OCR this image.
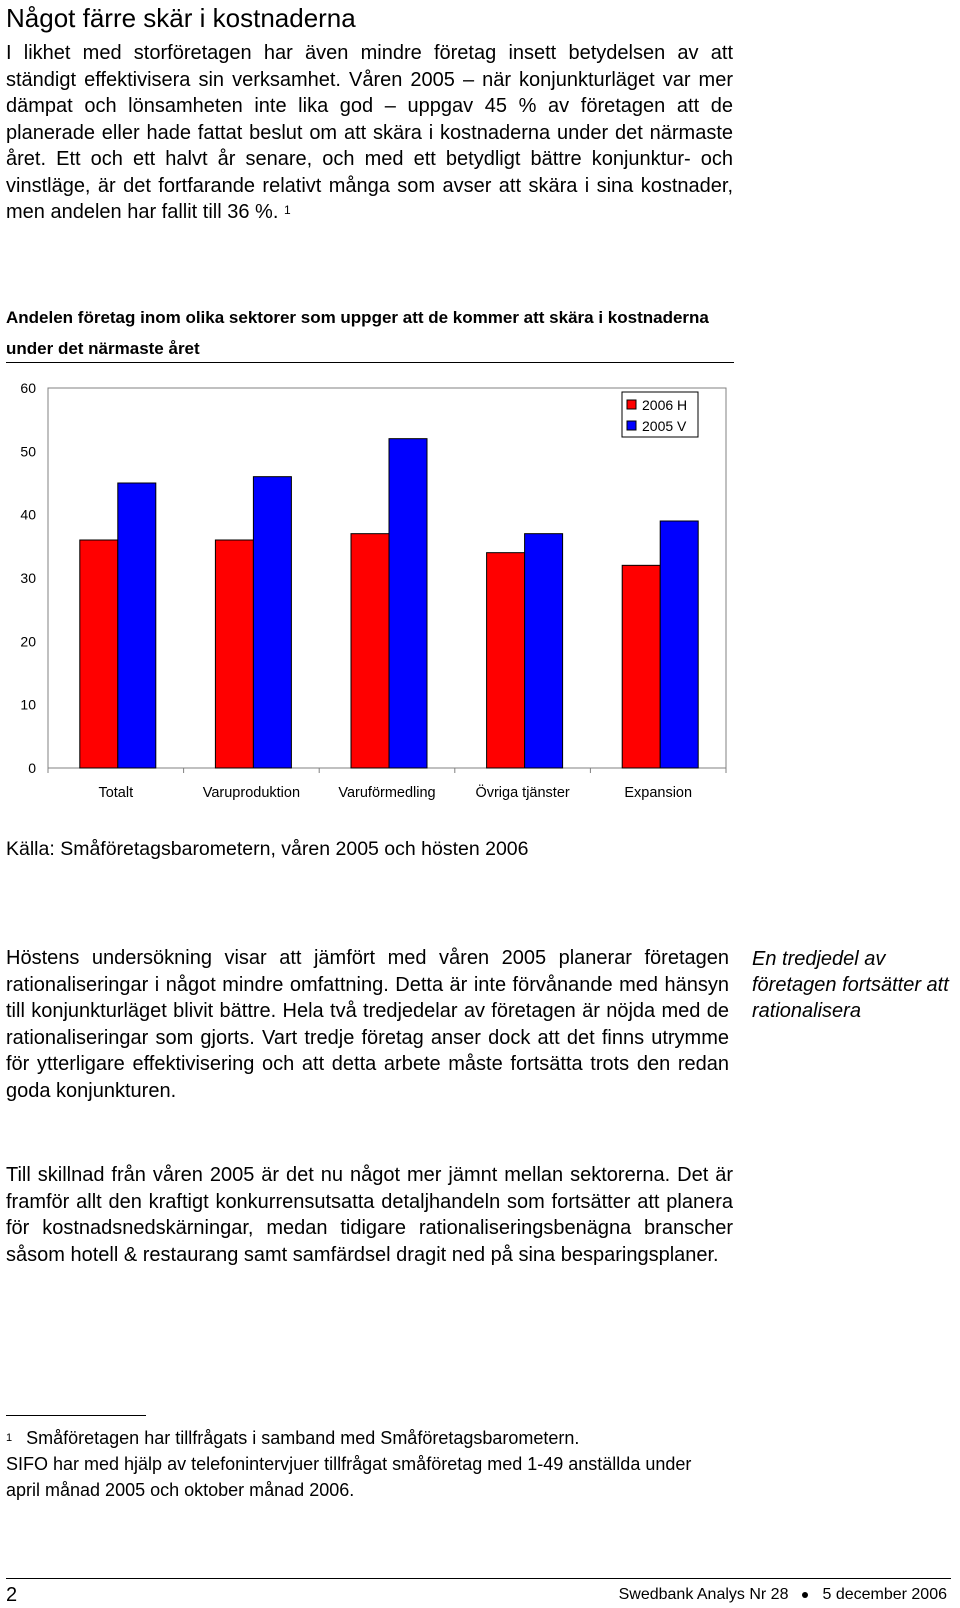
Något färre skär i kostnaderna

I likhet med storföretagen har även mindre företag insett betydelsen av att ständigt effektivisera sin verksamhet. Våren 2005 – när konjunkturläget var mer dämpat och lönsamheten inte lika god – uppgav 45 % av företagen att de planerade eller hade fattat beslut om att skära i kostnaderna under det närmaste året. Ett och ett halvt år senare, och med ett betydligt bättre konjunktur- och vinstläge, är det fortfarande relativt många som avser att skära i sina kostnader, men andelen har fallit till 36 %. $^1$

Andelen företag inom olika sektorer som uppger att de kommer att skära i kostnaderna under det närmaste året

0
10
20
30
40
50
60
Totalt	Varuproduktion	Varuförmedling	Övriga tjänster	Expansion
2006 H
2005 V

Källa: Småföretagsbarometern, våren 2005 och hösten 2006

Höstens undersökning visar att jämfört med våren 2005 planerar företagen rationaliseringar i något mindre omfattning. Detta är inte förvånande med hänsyn till konjunkturläget blivit bättre. Hela två tredjedelar av företagen är nöjda med de rationaliseringar som gjorts. Vart tredje företag anser dock att det finns utrymme för ytterligare effektivisering och att detta arbete måste fortsätta trots den redan goda konjunkturen.

En tredjedel av företagen fortsätter att rationalisera

Till skillnad från våren 2005 är det nu något mer jämnt mellan sektorerna. Det är framför allt den kraftigt konkurrensutsatta detaljhandeln som fortsätter att planera för kostnadsnedskärningar, medan tidigare rationaliseringsbenägna branscher såsom hotell & restaurang samt samfärdsel dragit ned på sina besparingsplaner.

$^1$ Småföretagen har tillfrågats i samband med Småföretagsbarometern.
SIFO har med hjälp av telefonintervjuer tillfrågat småföretag med 1-49 anställda under april månad 2005 och oktober månad 2006.

2	Swedbank Analys Nr 28 5 december 2006
